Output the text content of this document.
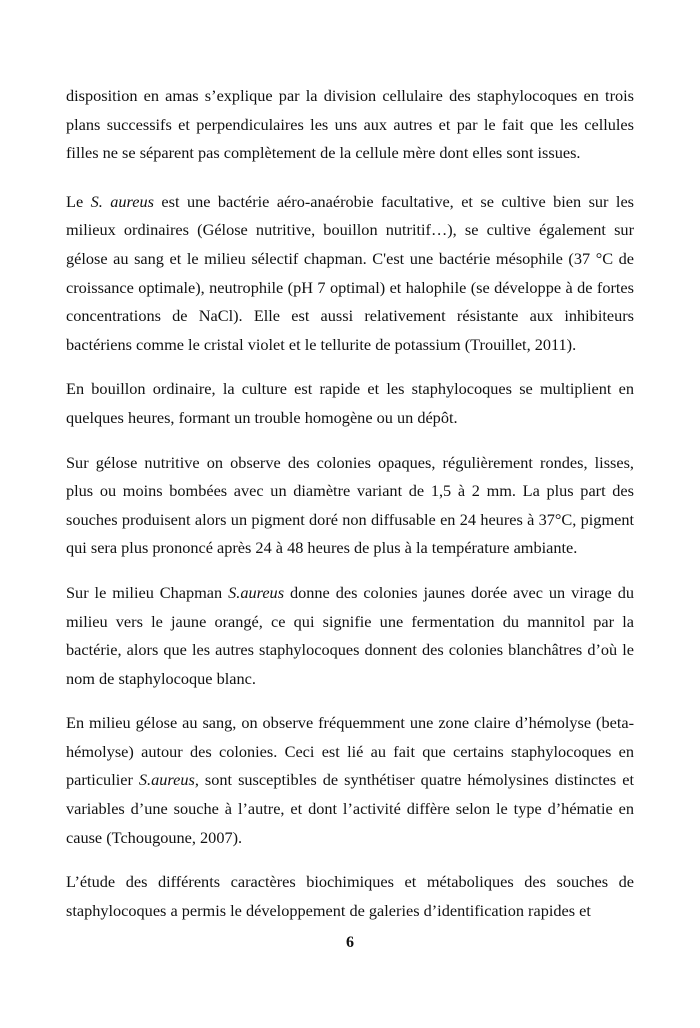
disposition en amas s’explique par la division cellulaire des staphylocoques en trois plans successifs et perpendiculaires les uns aux autres et par le fait que les cellules filles ne se séparent pas complètement de la cellule mère dont elles sont issues.

Le S. aureus est une bactérie aéro-anaérobie facultative, et se cultive bien sur les milieux ordinaires (Gélose nutritive, bouillon nutritif…), se cultive également sur gélose au sang et le milieu sélectif chapman. C'est une bactérie mésophile (37 °C de croissance optimale), neutrophile (pH 7 optimal) et halophile (se développe à de fortes concentrations de NaCl). Elle est aussi relativement résistante aux inhibiteurs bactériens comme le cristal violet et le tellurite de potassium (Trouillet, 2011).

En bouillon ordinaire, la culture est rapide et les staphylocoques se multiplient en quelques heures, formant un trouble homogène ou un dépôt.

Sur gélose nutritive on observe des colonies opaques, régulièrement rondes, lisses, plus ou moins bombées avec un diamètre variant de 1,5 à 2 mm. La plus part des souches produisent alors un pigment doré non diffusable en 24 heures à 37°C, pigment qui sera plus prononcé après 24 à 48 heures de plus à la température ambiante.

Sur le milieu Chapman S.aureus donne des colonies jaunes dorée avec un virage du milieu vers le jaune orangé, ce qui signifie une fermentation du mannitol par la bactérie, alors que les autres staphylocoques donnent des colonies blanchâtres d’où le nom de staphylocoque blanc.

En milieu gélose au sang, on observe fréquemment une zone claire d’hémolyse (beta-hémolyse) autour des colonies. Ceci est lié au fait que certains staphylocoques en particulier S.aureus, sont susceptibles de synthétiser quatre hémolysines distinctes et variables d’une souche à l’autre, et dont l’activité diffère selon le type d’hématie en cause (Tchougoune, 2007).

L’étude des différents caractères biochimiques et métaboliques des souches de staphylocoques a permis le développement de galeries d’identification rapides et

6
